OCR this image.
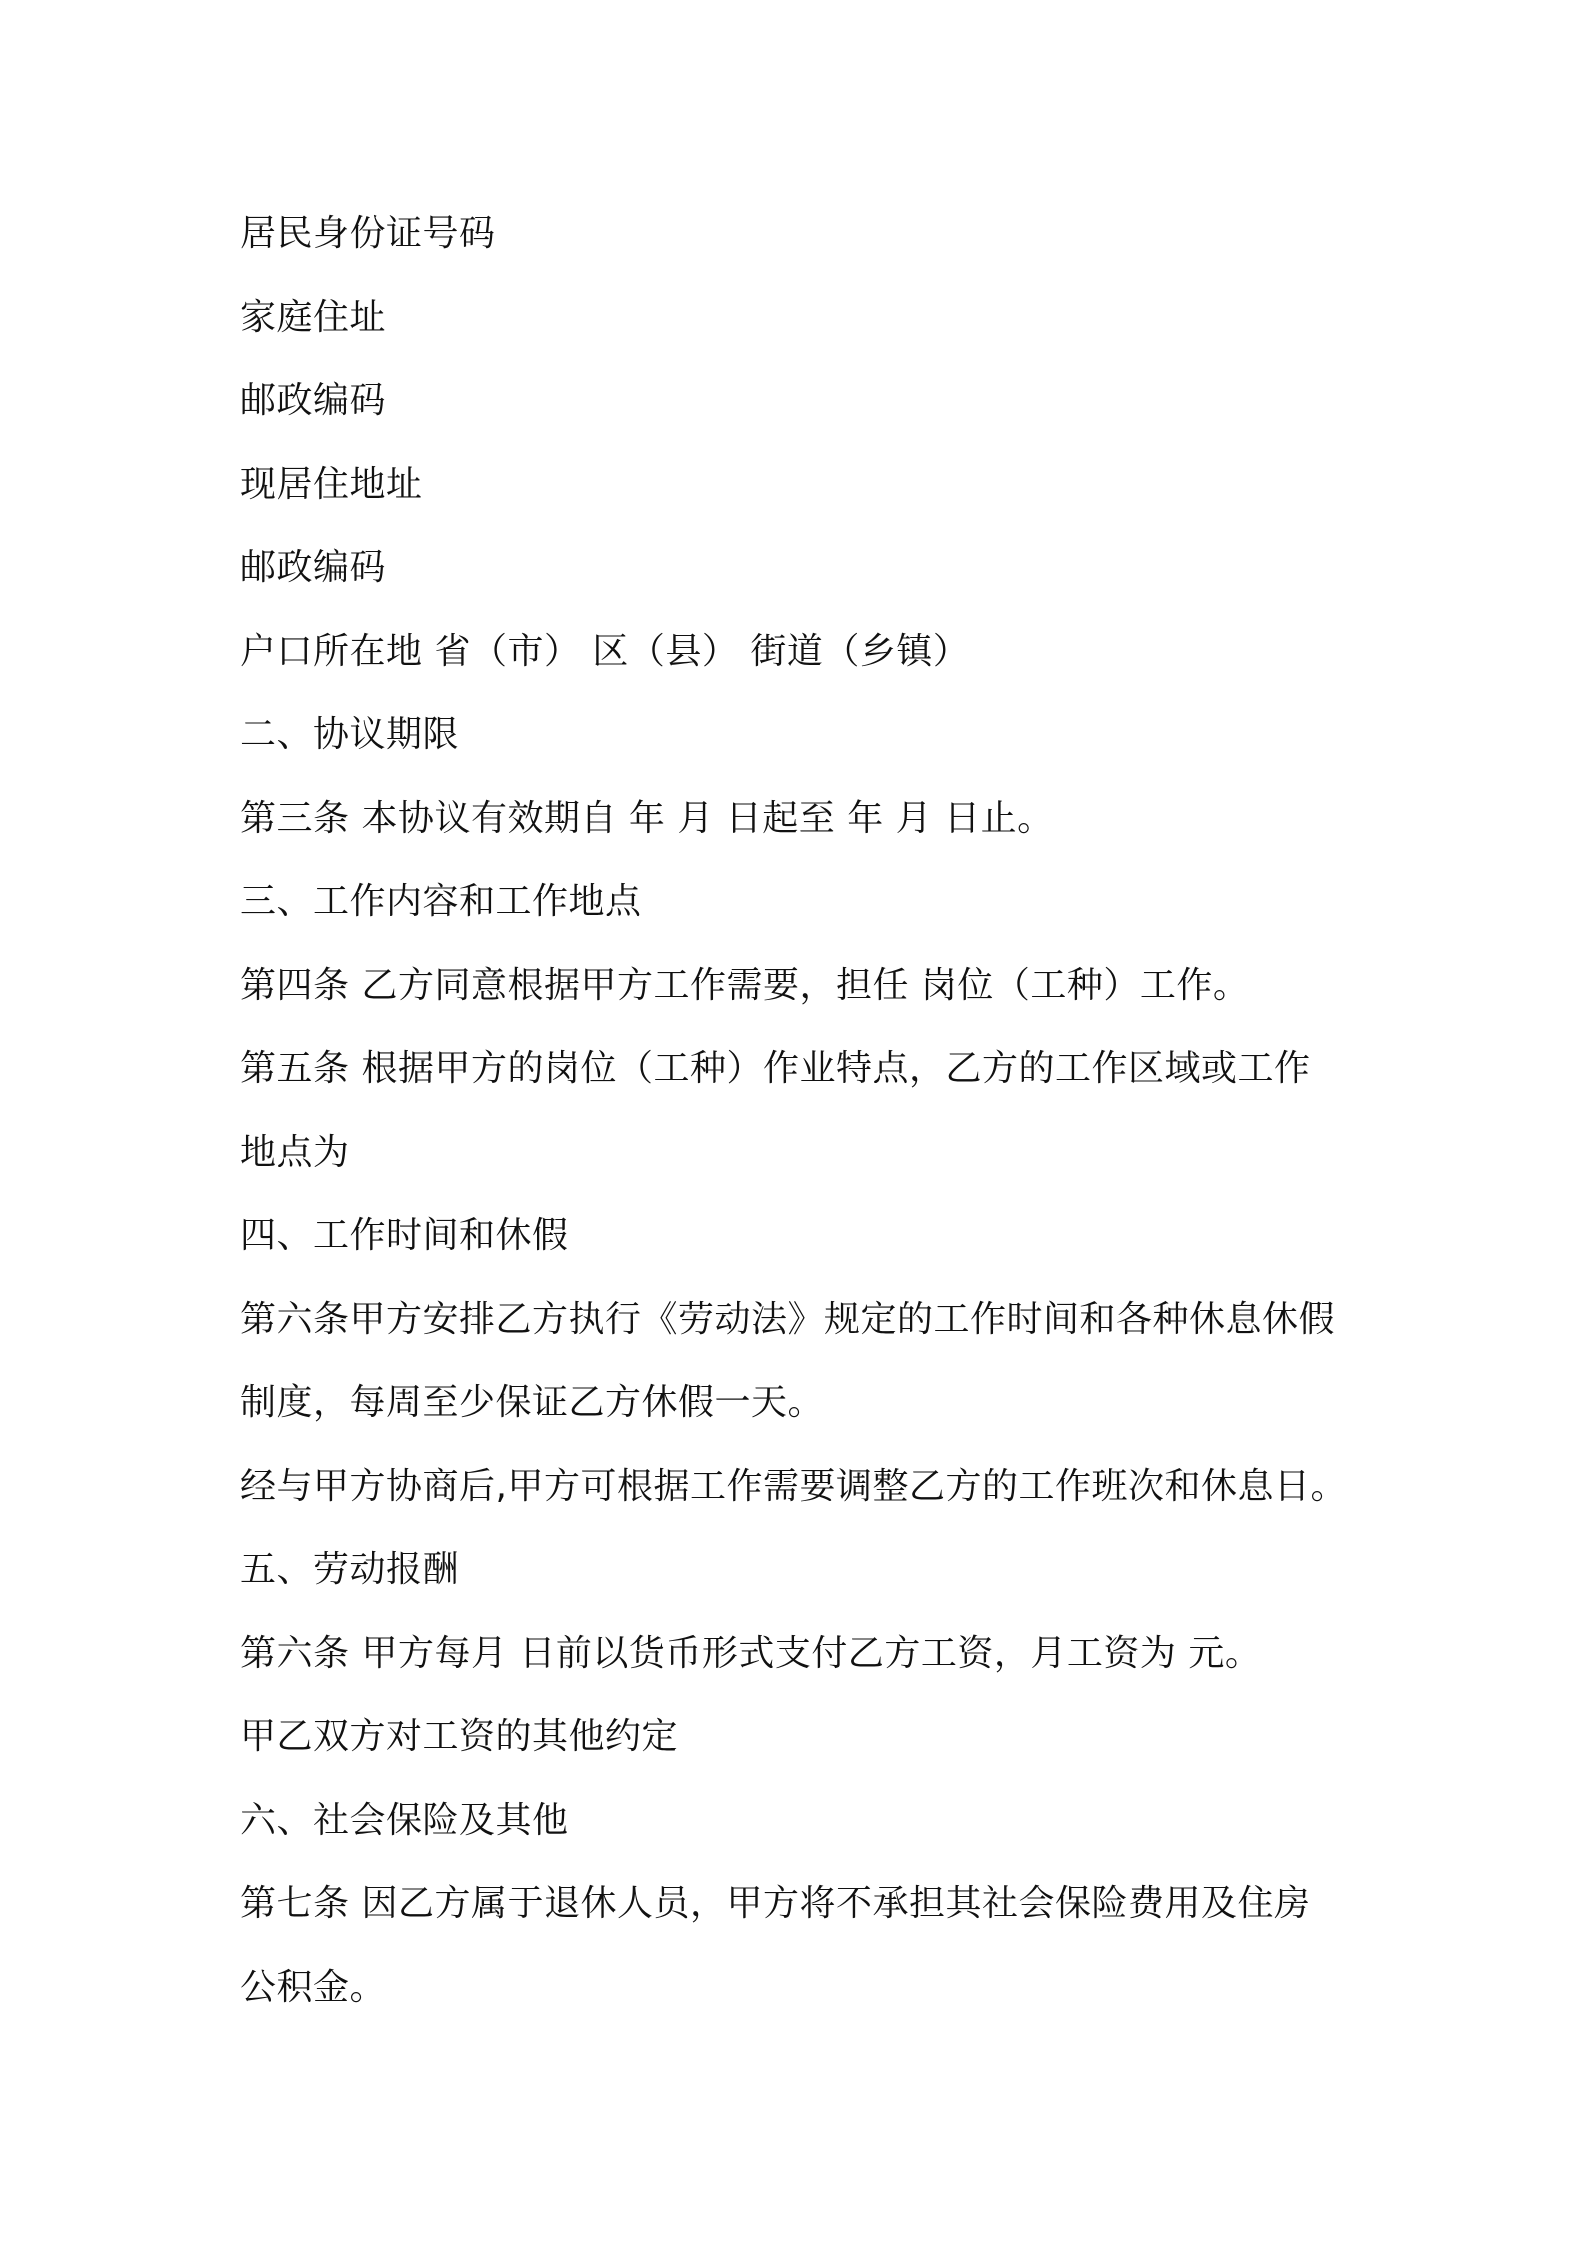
居民身份证号码
家庭住址
邮政编码
现居住地址
邮政编码
户口所在地 省（市） 区（县） 街道（乡镇）
二、协议期限
第三条 本协议有效期自 年 月 日起至 年 月 日止。
三、工作内容和工作地点
第四条 乙方同意根据甲方工作需要，担任 岗位（工种）工作。
第五条 根据甲方的岗位（工种）作业特点，乙方的工作区域或工作
地点为
四、工作时间和休假
第六条甲方安排乙方执行《劳动法》规定的工作时间和各种休息休假
制度，每周至少保证乙方休假一天。
经与甲方协商后,甲方可根据工作需要调整乙方的工作班次和休息日。
五、劳动报酬
第六条 甲方每月 日前以货币形式支付乙方工资，月工资为 元。
甲乙双方对工资的其他约定
六、社会保险及其他
第七条 因乙方属于退休人员，甲方将不承担其社会保险费用及住房
公积金。
